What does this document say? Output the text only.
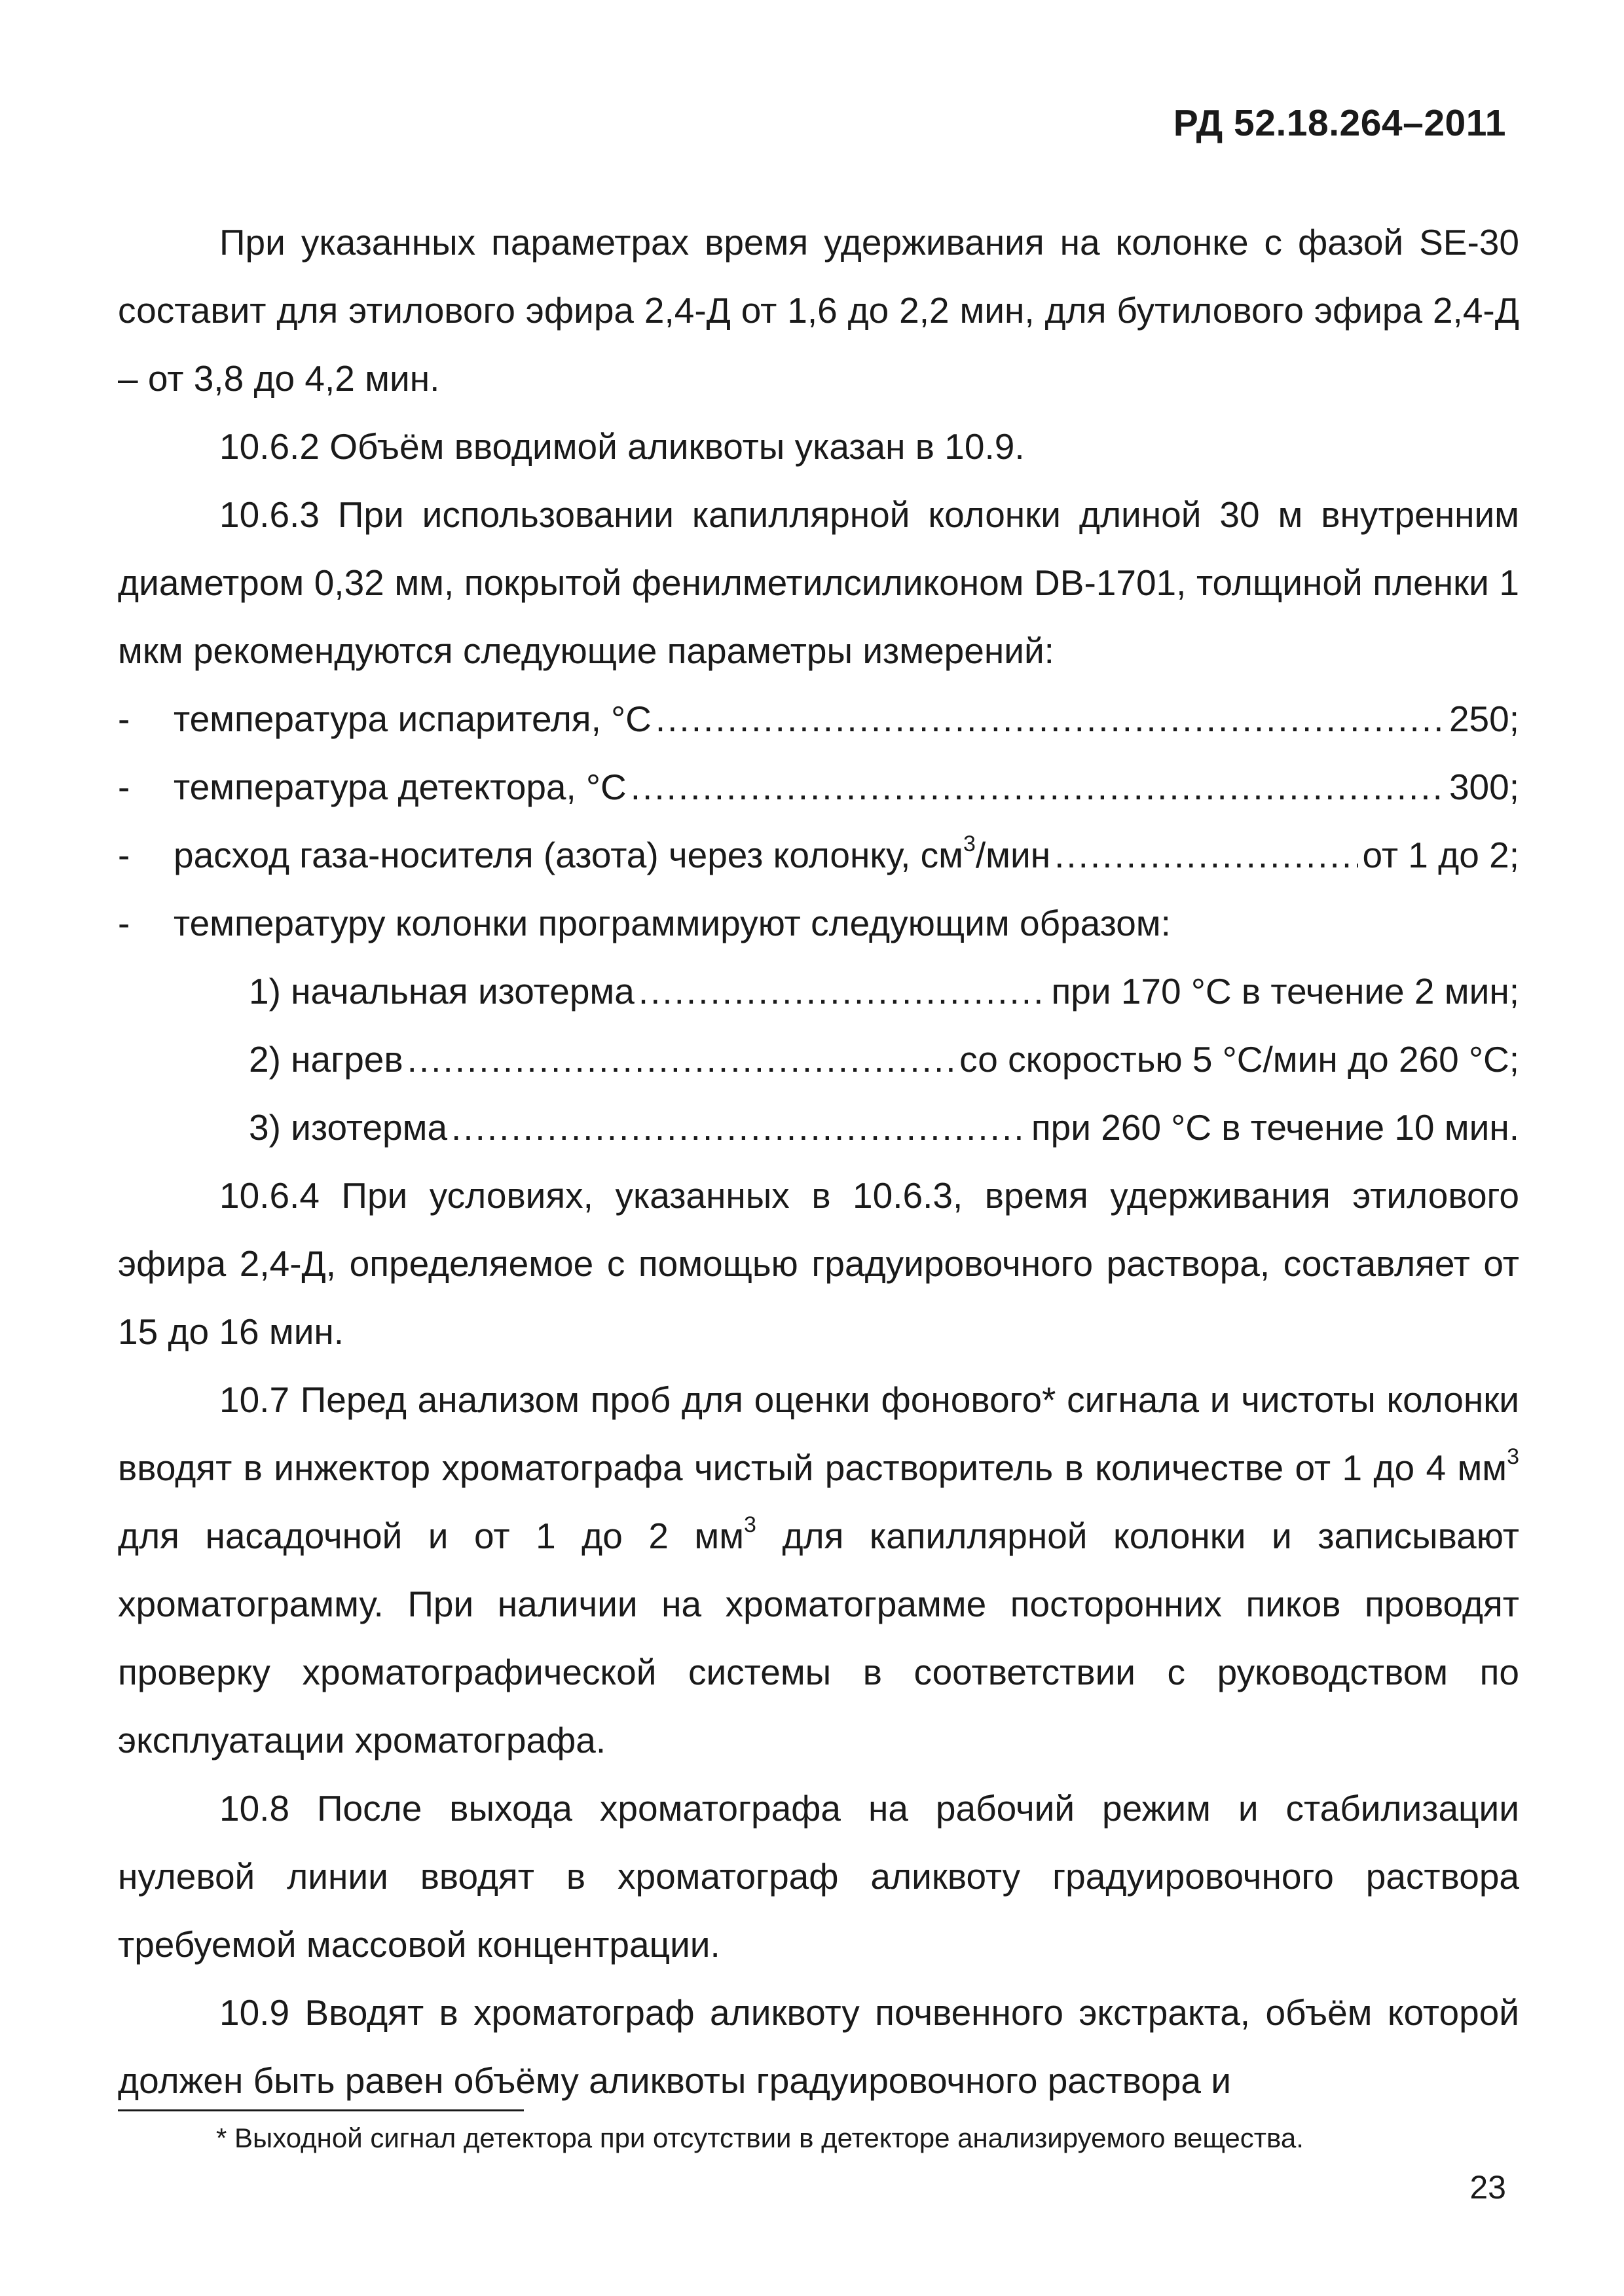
РД 52.18.264–2011

При указанных параметрах время удерживания на колонке с фазой SE-30 составит для этилового эфира 2,4-Д от 1,6 до 2,2 мин, для бутилового эфира 2,4-Д – от 3,8 до 4,2 мин.

10.6.2 Объём вводимой аликвоты указан в 10.9.

10.6.3 При использовании капиллярной колонки длиной 30 м внутренним диаметром 0,32 мм, покрытой фенилметилсиликоном DB-1701, толщиной пленки 1 мкм рекомендуются следующие параметры измерений:

-	температура испарителя, °С .....	250;
-	температура детектора, °С .....	300;
-	расход газа-носителя (азота) через колонку, $см^3$/мин .....	от 1 до 2;
-	температуру колонки программируют следующим образом:
1) начальная изотерма .....	при 170 °С в течение 2 мин;
2) нагрев .....	со скоростью 5 °С/мин до 260 °С;
3) изотерма .....	при 260 °С в течение 10 мин.

10.6.4 При условиях, указанных в 10.6.3, время удерживания этилового эфира 2,4-Д, определяемое с помощью градуировочного раствора, составляет от 15 до 16 мин.

10.7 Перед анализом проб для оценки фонового* сигнала и чистоты колонки вводят в инжектор хроматографа чистый растворитель в количестве от 1 до 4 $мм^3$ для насадочной и от 1 до 2 $мм^3$ для капиллярной колонки и записывают хроматограмму. При наличии на хроматограмме посторонних пиков проводят проверку хроматографической системы в соответствии с руководством по эксплуатации хроматографа.

10.8 После выхода хроматографа на рабочий режим и стабилизации нулевой линии вводят в хроматограф аликвоту градуировочного раствора требуемой массовой концентрации.

10.9 Вводят в хроматограф аликвоту почвенного экстракта, объём которой должен быть равен объёму аликвоты градуировочного раствора и

* Выходной сигнал детектора при отсутствии в детекторе анализируемого вещества.
23
